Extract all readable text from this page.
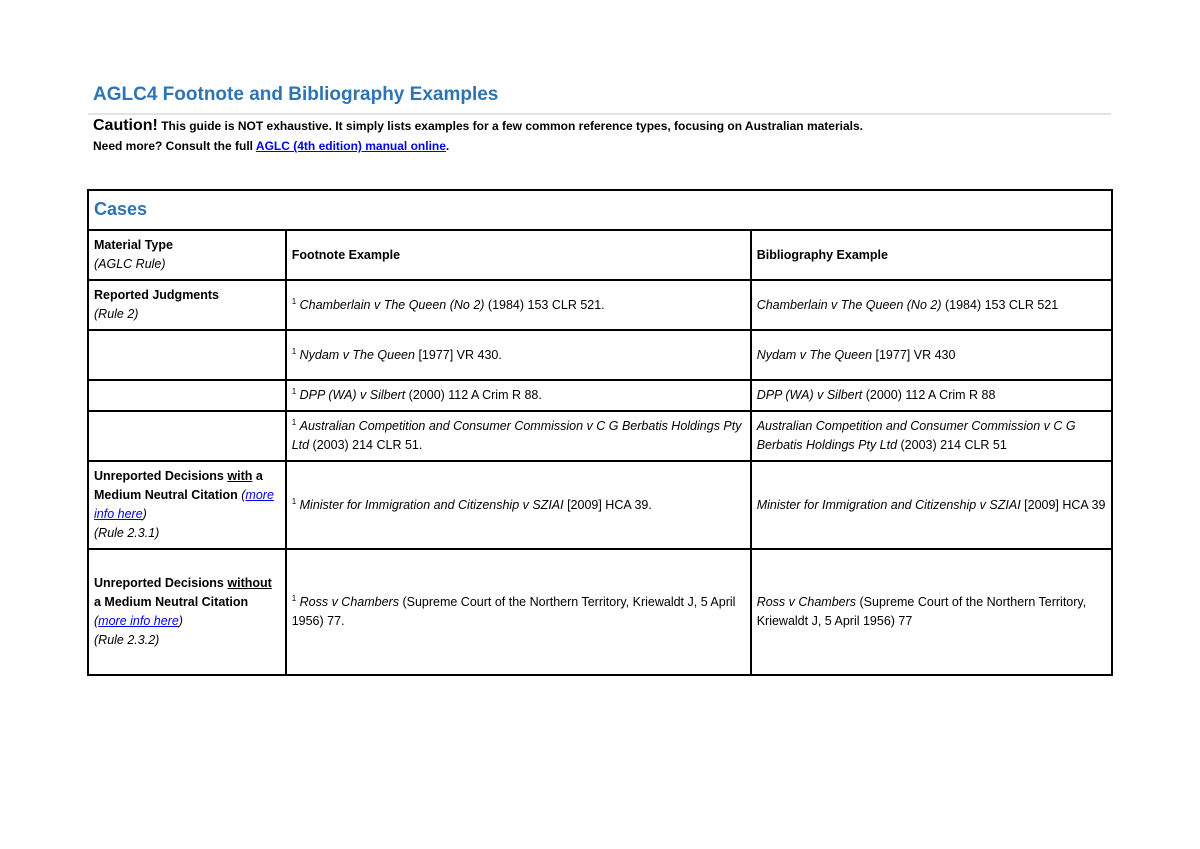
AGLC4 Footnote and Bibliography Examples
Caution! This guide is NOT exhaustive. It simply lists examples for a few common reference types, focusing on Australian materials.
Need more? Consult the full AGLC (4th edition) manual online.
Cases		
Material Type
(AGLC Rule)	Footnote Example	Bibliography Example
Reported Judgments
(Rule 2)	$^1$ Chamberlain v The Queen (No 2) (1984) 153 CLR 521.	Chamberlain v The Queen (No 2) (1984) 153 CLR 521
	$^1$ Nydam v The Queen [1977] VR 430.	Nydam v The Queen [1977] VR 430
	$^1$ DPP (WA) v Silbert (2000) 112 A Crim R 88.	DPP (WA) v Silbert (2000) 112 A Crim R 88
	$^1$ Australian Competition and Consumer Commission v C G Berbatis Holdings Pty Ltd (2003) 214 CLR 51.	Australian Competition and Consumer Commission v C G Berbatis Holdings Pty Ltd (2003) 214 CLR 51
Unreported Decisions with a Medium Neutral Citation (more info here)
(Rule 2.3.1)	$^1$ Minister for Immigration and Citizenship v SZIAI [2009] HCA 39.	Minister for Immigration and Citizenship v SZIAI [2009] HCA 39
Unreported Decisions without a Medium Neutral Citation (more info here)
(Rule 2.3.2)	$^1$ Ross v Chambers (Supreme Court of the Northern Territory, Kriewaldt J, 5 April 1956) 77.	Ross v Chambers (Supreme Court of the Northern Territory, Kriewaldt J, 5 April 1956) 77
